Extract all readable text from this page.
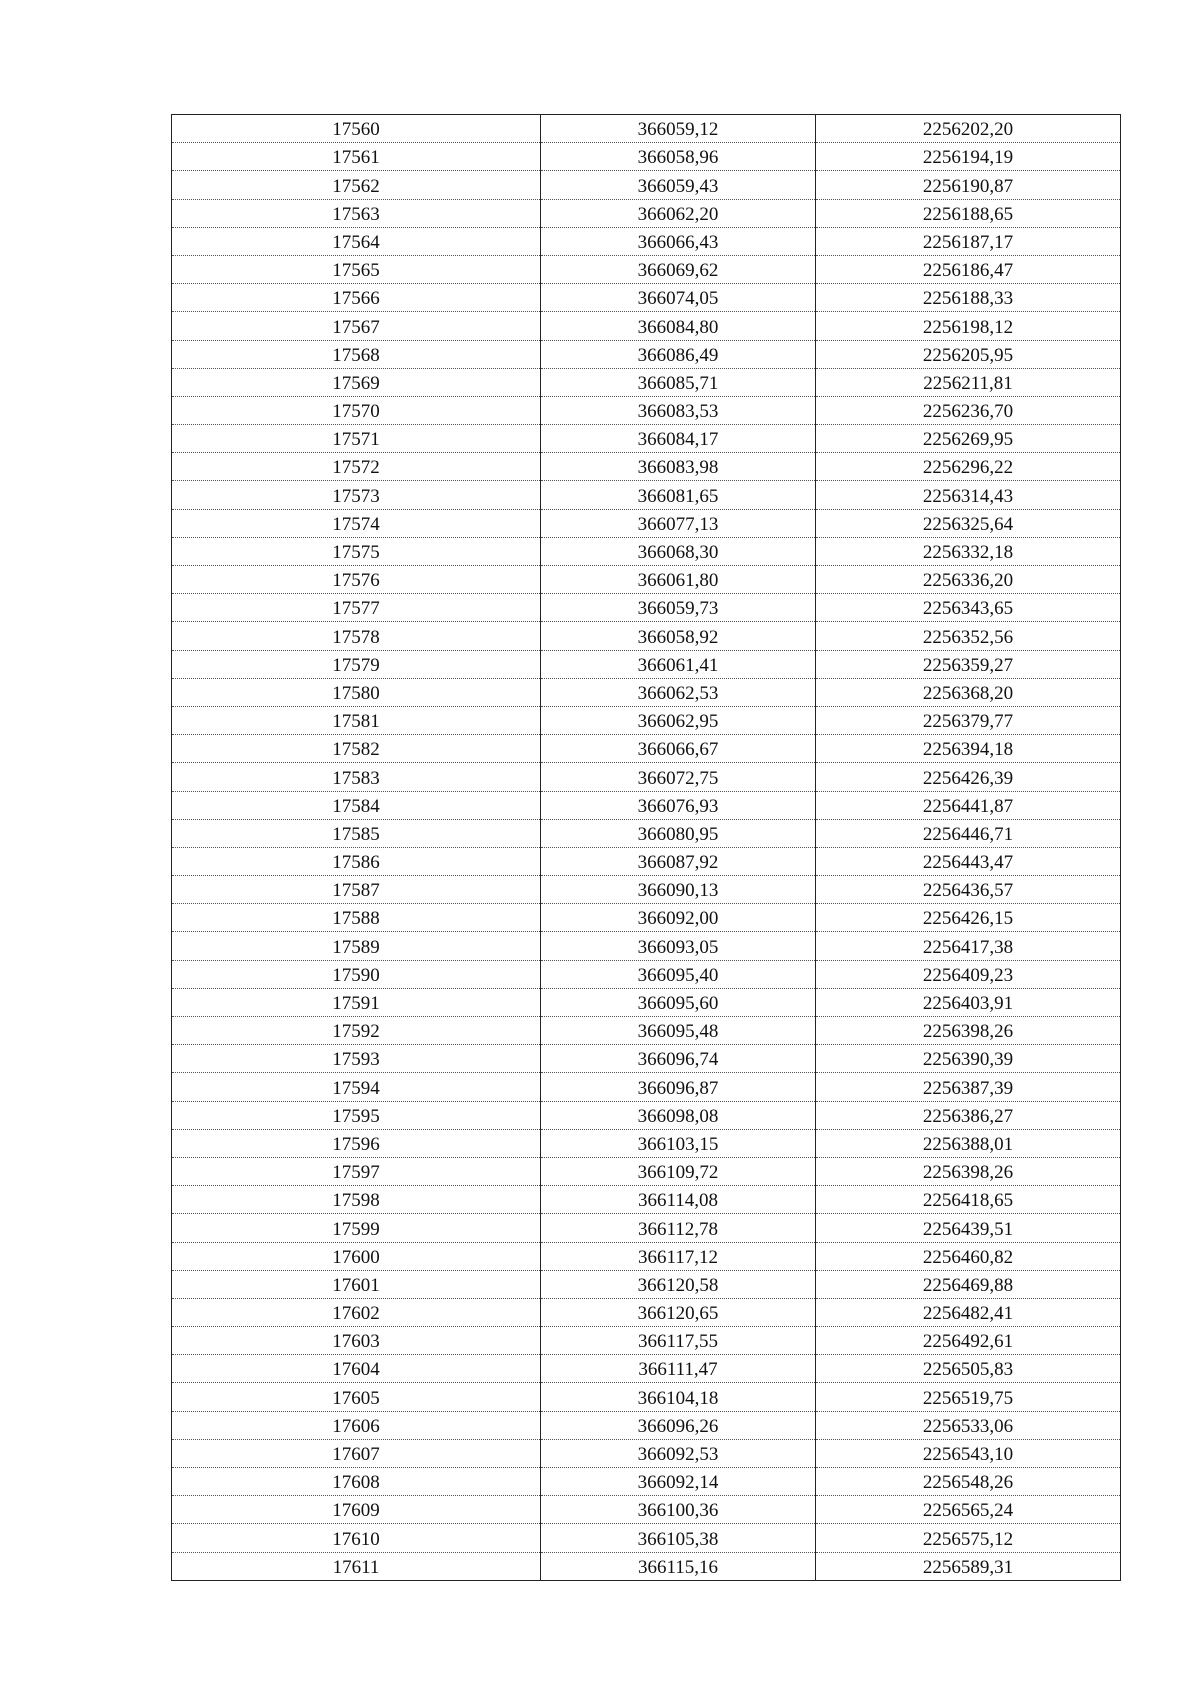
17560	366059,12	2256202,20
17561	366058,96	2256194,19
17562	366059,43	2256190,87
17563	366062,20	2256188,65
17564	366066,43	2256187,17
17565	366069,62	2256186,47
17566	366074,05	2256188,33
17567	366084,80	2256198,12
17568	366086,49	2256205,95
17569	366085,71	2256211,81
17570	366083,53	2256236,70
17571	366084,17	2256269,95
17572	366083,98	2256296,22
17573	366081,65	2256314,43
17574	366077,13	2256325,64
17575	366068,30	2256332,18
17576	366061,80	2256336,20
17577	366059,73	2256343,65
17578	366058,92	2256352,56
17579	366061,41	2256359,27
17580	366062,53	2256368,20
17581	366062,95	2256379,77
17582	366066,67	2256394,18
17583	366072,75	2256426,39
17584	366076,93	2256441,87
17585	366080,95	2256446,71
17586	366087,92	2256443,47
17587	366090,13	2256436,57
17588	366092,00	2256426,15
17589	366093,05	2256417,38
17590	366095,40	2256409,23
17591	366095,60	2256403,91
17592	366095,48	2256398,26
17593	366096,74	2256390,39
17594	366096,87	2256387,39
17595	366098,08	2256386,27
17596	366103,15	2256388,01
17597	366109,72	2256398,26
17598	366114,08	2256418,65
17599	366112,78	2256439,51
17600	366117,12	2256460,82
17601	366120,58	2256469,88
17602	366120,65	2256482,41
17603	366117,55	2256492,61
17604	366111,47	2256505,83
17605	366104,18	2256519,75
17606	366096,26	2256533,06
17607	366092,53	2256543,10
17608	366092,14	2256548,26
17609	366100,36	2256565,24
17610	366105,38	2256575,12
17611	366115,16	2256589,31
